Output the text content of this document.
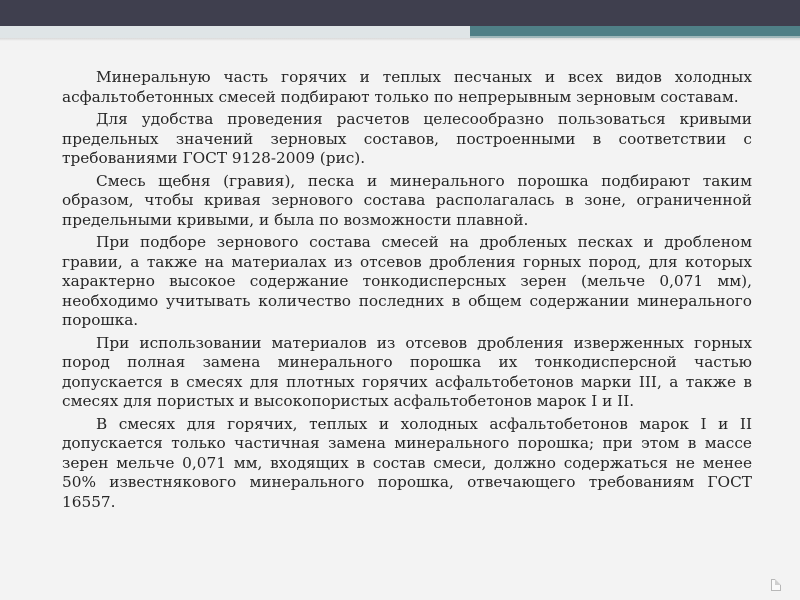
Минеральную часть горячих и теплых песчаных и всех видов холодных асфальтобетонных смесей подбирают только по непрерывным зерновым составам.

Для удобства проведения расчетов целесообразно пользоваться кривыми предельных значений зерновых составов, построенными в соответствии с требованиями ГОСТ 9128-2009 (рис).

Смесь щебня (гравия), песка и минерального порошка подбирают таким образом, чтобы кривая зернового состава располагалась в зоне, ограниченной предельными кривыми, и была по возможности плавной.

При подборе зернового состава смесей на дробленых песках и дробленом гравии, а также на материалах из отсевов дробления горных пород, для которых характерно высокое содержание тонкодисперсных зерен (мельче 0,071 мм), необходимо учитывать количество последних в общем содержании минерального порошка.

При использовании материалов из отсевов дробления изверженных горных пород полная замена минерального порошка их тонкодисперсной частью допускается в смесях для плотных горячих асфальтобетонов марки III, а также в смесях для пористых и высокопористых асфальтобетонов марок I и II.

В смесях для горячих, теплых и холодных асфальтобетонов марок I и II допускается только частичная замена минерального порошка; при этом в массе зерен мельче 0,071 мм, входящих в состав смеси, должно содержаться не менее 50% известнякового минерального порошка, отвечающего требованиям ГОСТ 16557.
